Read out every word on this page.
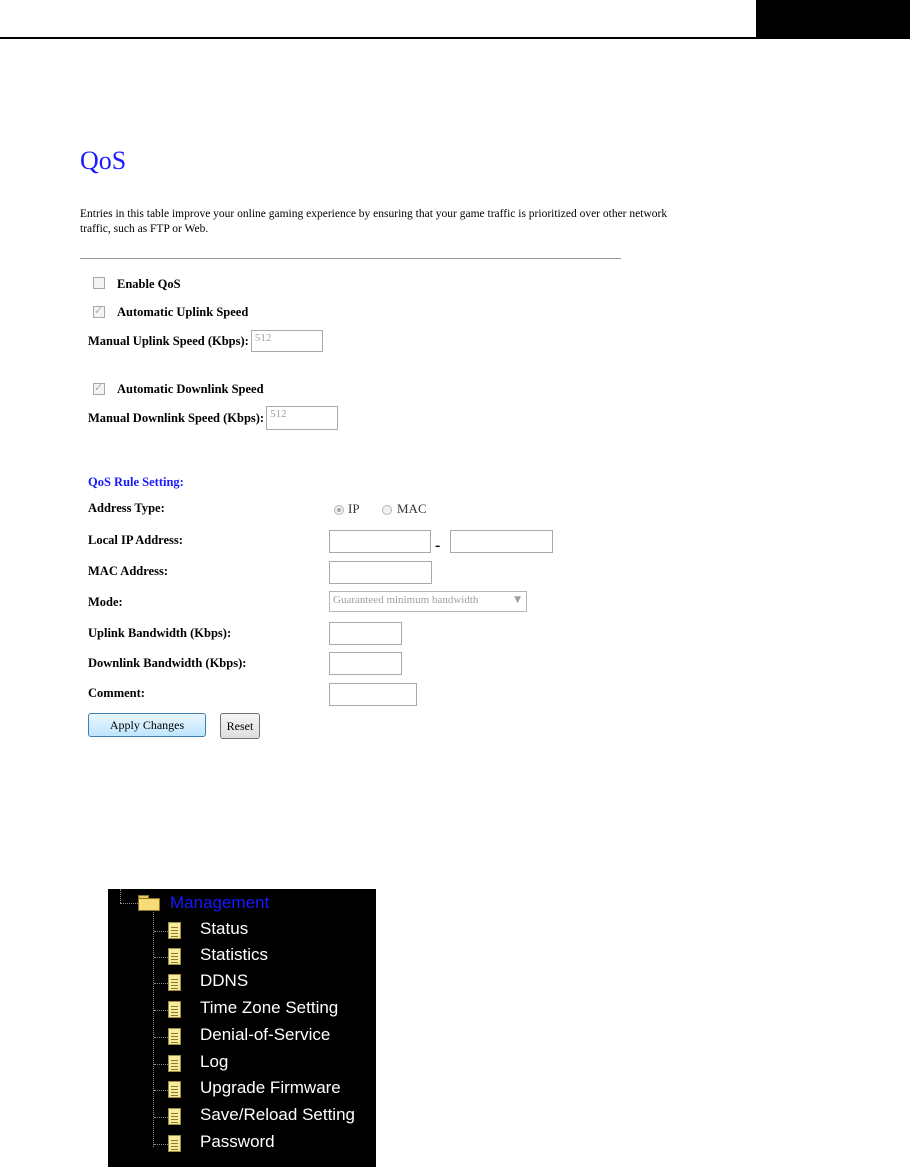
QoS
Entries in this table improve your online gaming experience by ensuring that your game traffic is prioritized over other network traffic, such as FTP or Web.
Enable QoS
✓
Automatic Uplink Speed
Manual Uplink Speed (Kbps): 512
✓
Automatic Downlink Speed
Manual Downlink Speed (Kbps): 512
QoS Rule Setting:
Address Type:	IP	MAC
Local IP Address:	-
MAC Address:
Mode:	Guaranteed minimum bandwidth	▼
Uplink Bandwidth (Kbps):
Downlink Bandwidth (Kbps):
Comment:
Apply Changes	Reset
Management
Status
Statistics
DDNS
Time Zone Setting
Denial-of-Service
Log
Upgrade Firmware
Save/Reload Setting
Password
